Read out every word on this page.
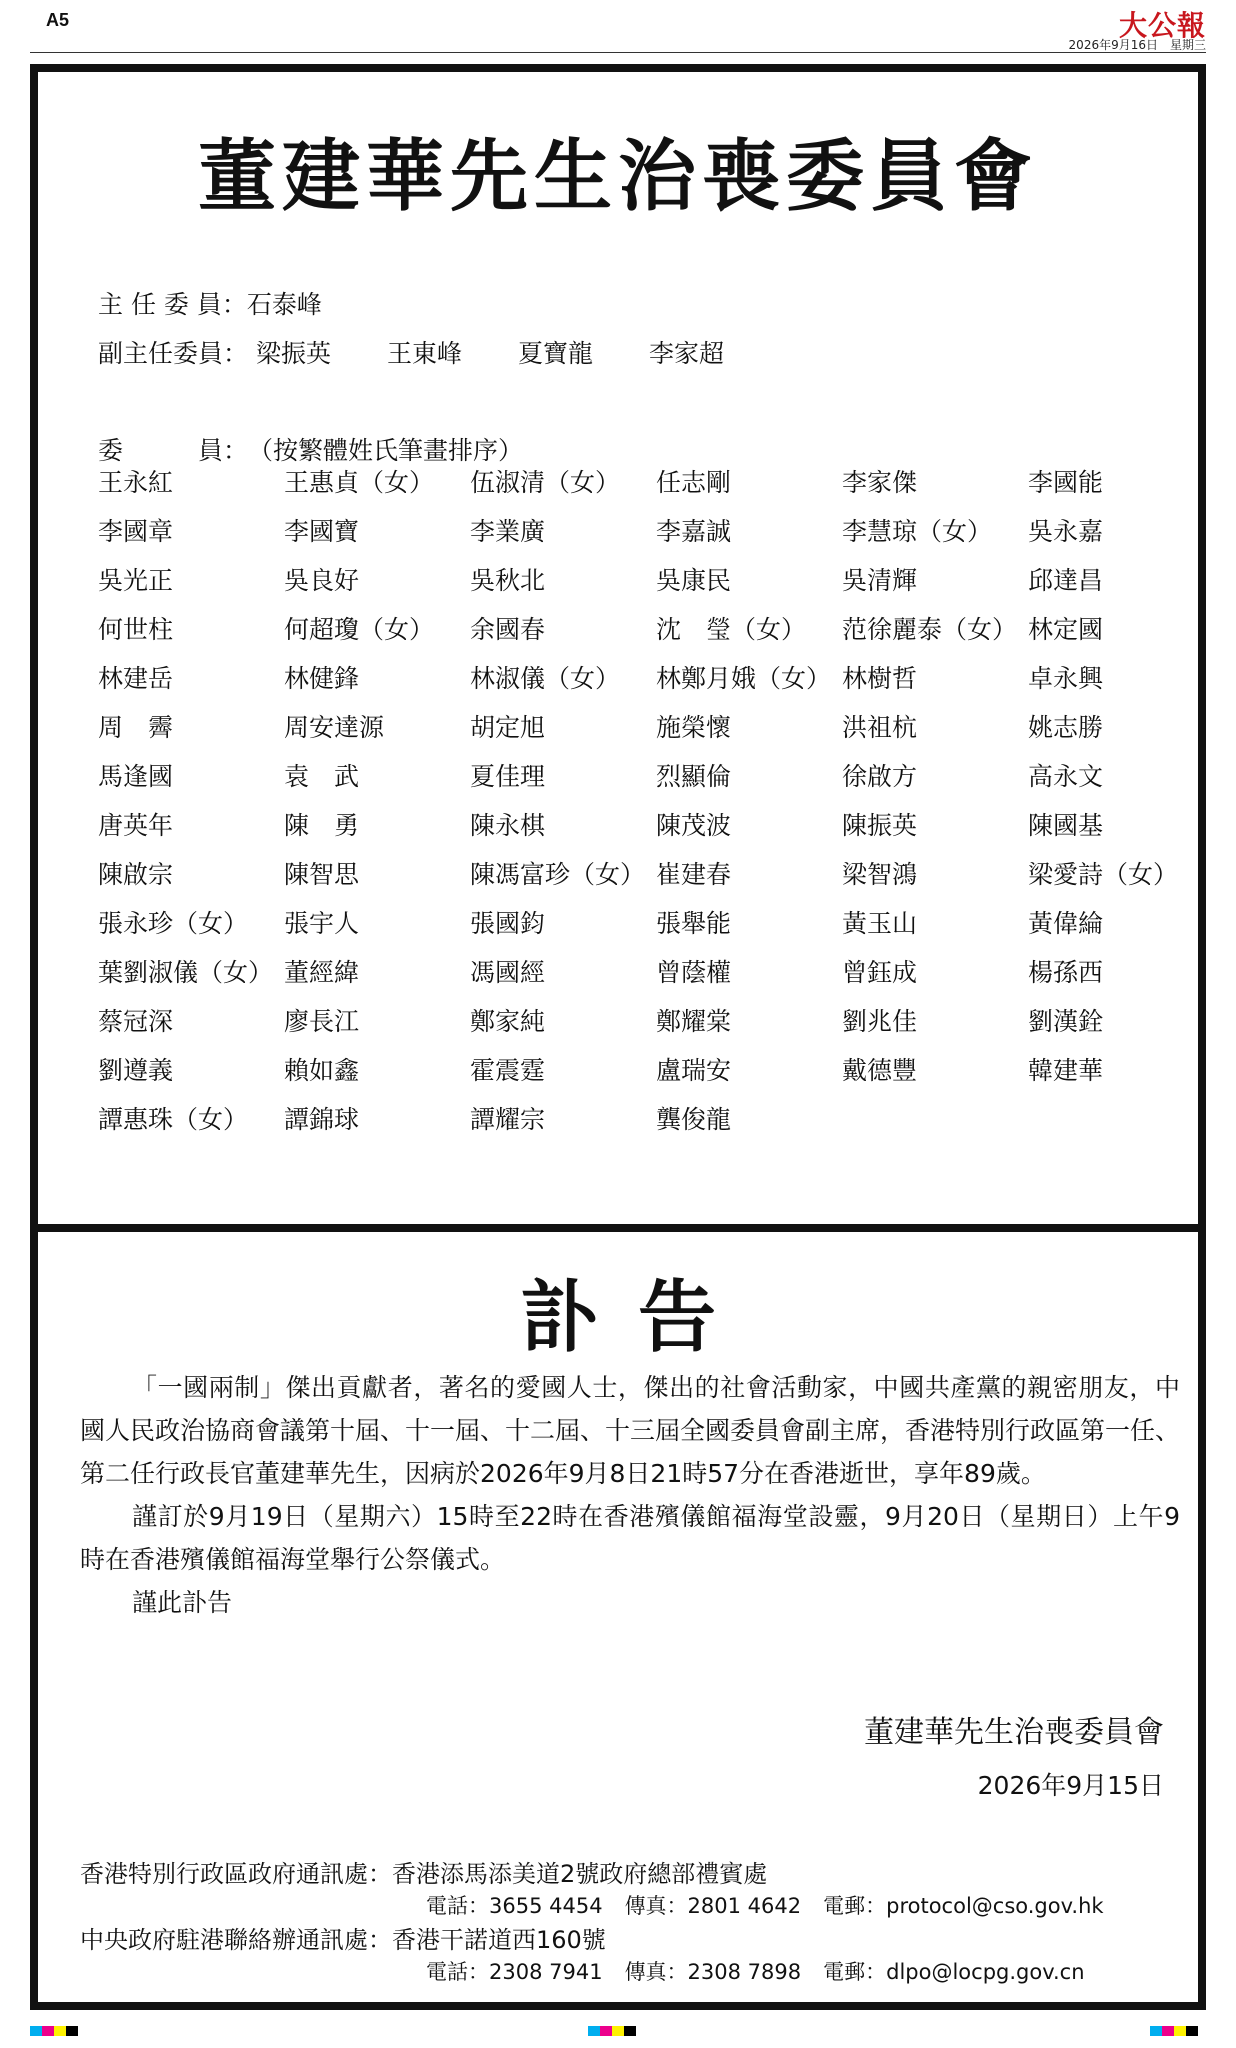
A5	大公報
2026年9月16日　星期三
董建華先生治喪委員會
主 任 委 員：石泰峰
副主任委員： 梁振英 王東峰 夏寶龍 李家超
委　　　員：（按繁體姓氏筆畫排序）
王永紅	王惠貞（女）	伍淑清（女）	任志剛	李家傑	李國能
李國章	李國寶	李業廣	李嘉誠	李慧琼（女）	吳永嘉
吳光正	吳良好	吳秋北	吳康民	吳清輝	邱達昌
何世柱	何超瓊（女）	余國春	沈　瑩（女）	范徐麗泰（女） 林定國
林建岳	林健鋒	林淑儀（女）	林鄭月娥（女） 林樹哲	卓永興
周　霽	周安達源	胡定旭	施榮懷	洪祖杭	姚志勝
馬逢國	袁　武	夏佳理	烈顯倫	徐啟方	高永文
唐英年	陳　勇	陳永棋	陳茂波	陳振英	陳國基
陳啟宗	陳智思	陳馮富珍（女） 崔建春	梁智鴻	梁愛詩（女）
張永珍（女）	張宇人	張國鈞	張舉能	黃玉山	黃偉綸
葉劉淑儀（女） 董經緯	馮國經	曾蔭權	曾鈺成	楊孫西
蔡冠深	廖長江	鄭家純	鄭耀棠	劉兆佳	劉漢銓
劉遵義	賴如鑫	霍震霆	盧瑞安	戴德豐	韓建華
譚惠珠（女）	譚錦球	譚耀宗	龔俊龍
訃告

「一國兩制」傑出貢獻者，著名的愛國人士，傑出的社會活動家，中國共產黨的親密朋友，中國人民政治協商會議第十屆、十一屆、十二屆、十三屆全國委員會副主席，香港特別行政區第一任、第二任行政長官董建華先生，因病於2026年9月8日21時57分在香港逝世，享年89歲。

謹訂於9月19日（星期六）15時至22時在香港殯儀館福海堂設靈，9月20日（星期日）上午9時在香港殯儀館福海堂舉行公祭儀式。

謹此訃告

董建華先生治喪委員會
2026年9月15日
香港特別行政區政府通訊處：香港添馬添美道2號政府總部禮賓處
電話：3655 4454 傳真：2801 4642 電郵：protocol@cso.gov.hk
中央政府駐港聯絡辦通訊處：香港干諾道西160號
電話：2308 7941 傳真：2308 7898 電郵：dlpo@locpg.gov.cn
